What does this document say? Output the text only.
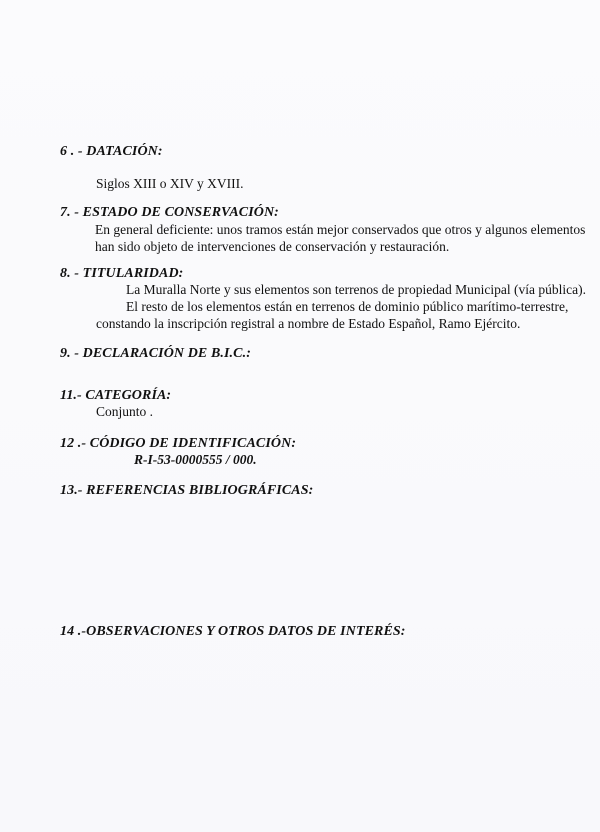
6 . - DATACIÓN:
Siglos XIII o XIV y XVIII.
7. - ESTADO DE CONSERVACIÓN:
En general deficiente: unos tramos están mejor conservados que otros y algunos elementos
han sido objeto de intervenciones de conservación y restauración.
8. - TITULARIDAD:
La Muralla Norte y sus elementos son terrenos de propiedad Municipal (vía pública).
El resto de los elementos están en terrenos de dominio público marítimo-terrestre,
constando la inscripción registral a nombre de Estado Español, Ramo Ejército.
9. - DECLARACIÓN DE B.I.C.:
11.- CATEGORÍA:
Conjunto .
12 .- CÓDIGO DE IDENTIFICACIÓN:
R-I-53-0000555 / 000.
13.- REFERENCIAS BIBLIOGRÁFICAS:
14 .-OBSERVACIONES Y OTROS DATOS DE INTERÉS:
